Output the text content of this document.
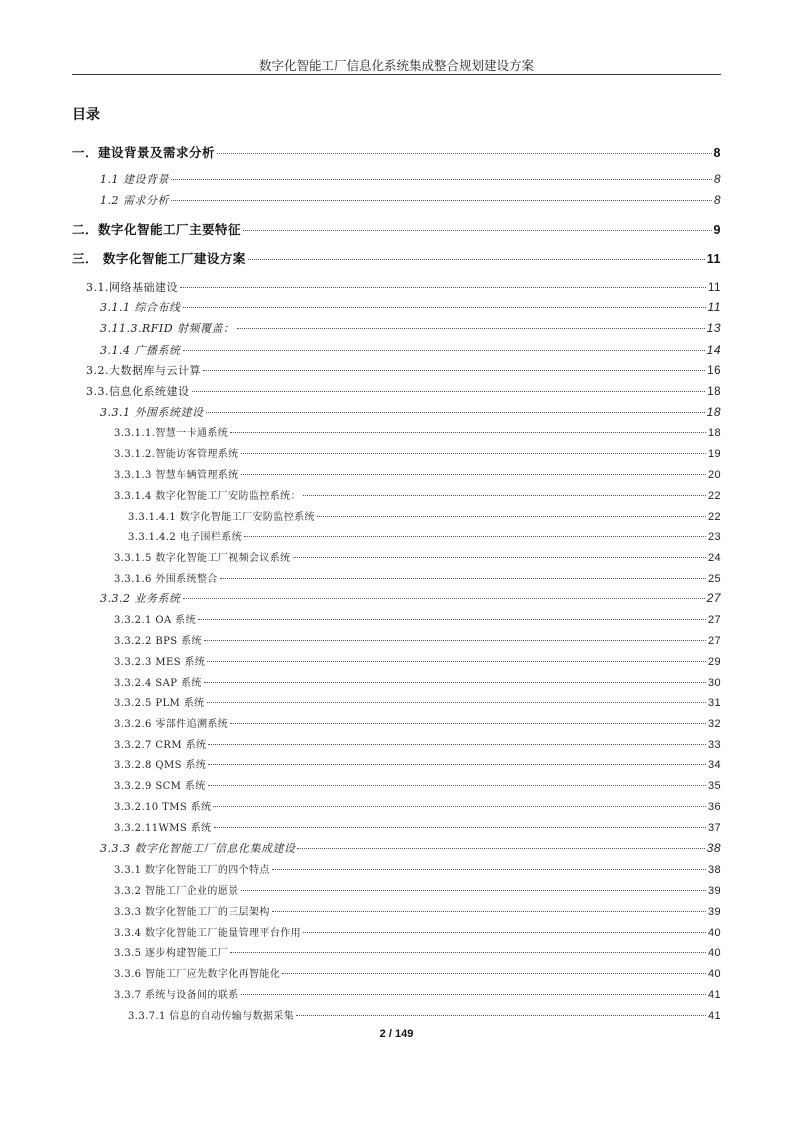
数字化智能工厂信息化系统集成整合规划建设方案
目录
一．建设背景及需求分析	8
1.1 建设背景	8
1.2 需求分析	8
二．数字化智能工厂主要特征	9
三． 数字化智能工厂建设方案	11
3.1.网络基础建设	11
3.1.1 综合布线	11
3.11.3.RFID 射频覆盖：	13
3.1.4 广播系统	14
3.2.大数据库与云计算	16
3.3.信息化系统建设	18
3.3.1 外围系统建设	18
3.3.1.1.智慧一卡通系统	18
3.3.1.2.智能访客管理系统	19
3.3.1.3 智慧车辆管理系统	20
3.3.1.4 数字化智能工厂安防监控系统：	22
3.3.1.4.1 数字化智能工厂安防监控系统	22
3.3.1.4.2 电子围栏系统	23
3.3.1.5 数字化智能工厂视频会议系统	24
3.3.1.6 外围系统整合	25
3.3.2 业务系统	27
3.3.2.1 OA 系统	27
3.3.2.2 BPS 系统	27
3.3.2.3 MES 系统	29
3.3.2.4 SAP 系统	30
3.3.2.5 PLM 系统	31
3.3.2.6 零部件追溯系统	32
3.3.2.7 CRM 系统	33
3.3.2.8 QMS 系统	34
3.3.2.9 SCM 系统	35
3.3.2.10 TMS 系统	36
3.3.2.11WMS 系统	37
3.3.3 数字化智能工厂信息化集成建设	38
3.3.1 数字化智能工厂的四个特点	38
3.3.2 智能工厂企业的愿景	39
3.3.3 数字化智能工厂的三层架构	39
3.3.4 数字化智能工厂能量管理平台作用	40
3.3.5 逐步构建智能工厂	40
3.3.6 智能工厂应先数字化再智能化	40
3.3.7 系统与设备间的联系	41
3.3.7.1 信息的自动传输与数据采集	41
2 / 149
